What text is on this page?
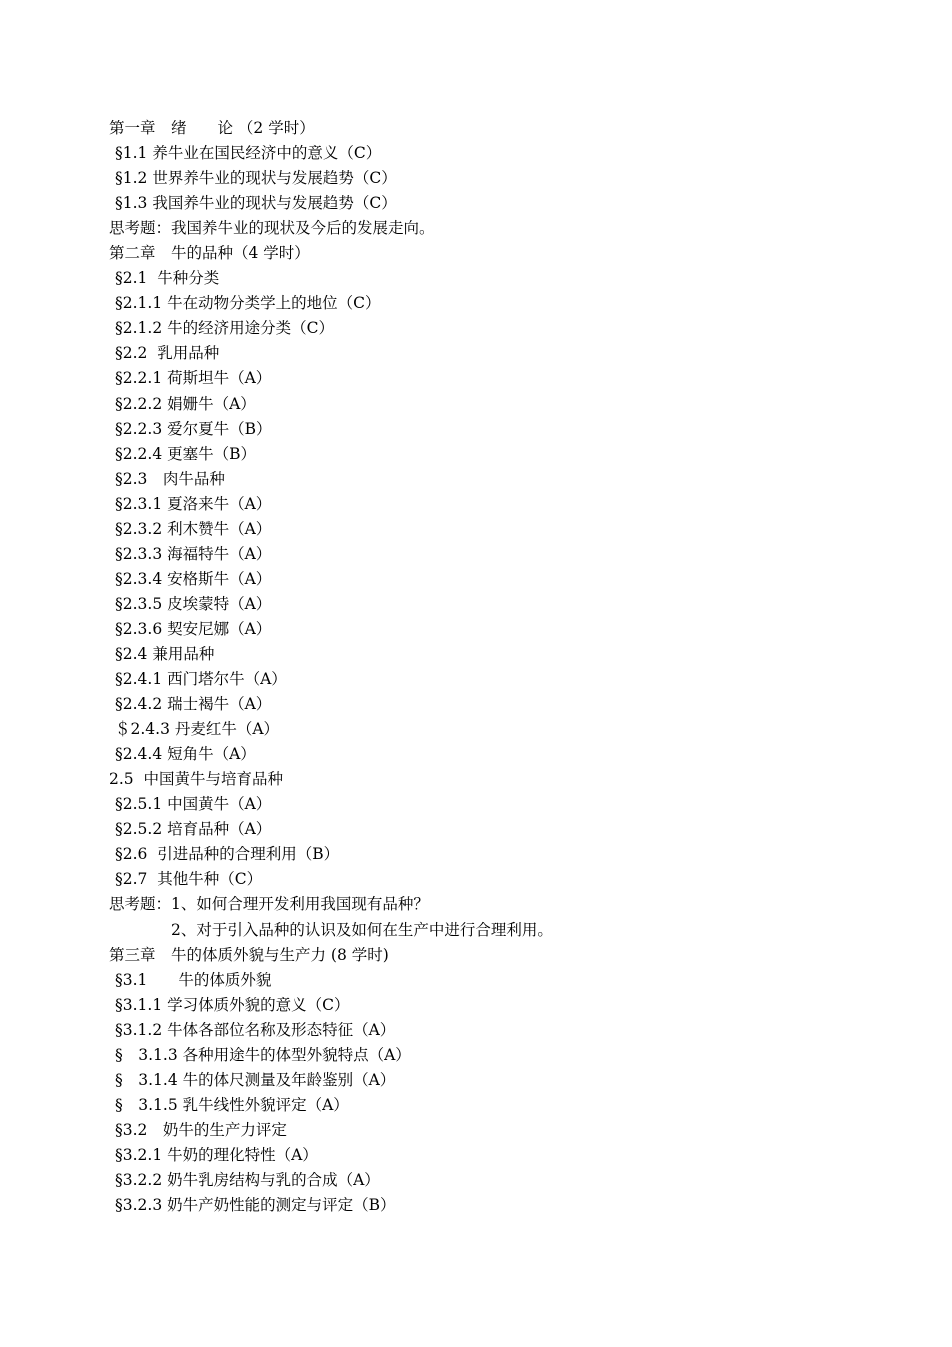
第一章　绪　　论 （2 学时）

§1.1 养牛业在国民经济中的意义（C）

§1.2 世界养牛业的现状与发展趋势（C）

§1.3 我国养牛业的现状与发展趋势（C）

思考题：我国养牛业的现状及今后的发展走向。

第二章　牛的品种（4 学时）

§2.1  牛种分类

§2.1.1 牛在动物分类学上的地位（C）

§2.1.2 牛的经济用途分类（C）

§2.2  乳用品种

§2.2.1 荷斯坦牛（A）

§2.2.2 娟姗牛（A）

§2.2.3 爱尔夏牛（B）

§2.2.4 更塞牛（B）

§2.3　肉牛品种

§2.3.1 夏洛来牛（A）

§2.3.2 利木赞牛（A）

§2.3.3 海福特牛（A）

§2.3.4 安格斯牛（A）

§2.3.5 皮埃蒙特（A）

§2.3.6 契安尼娜（A）

§2.4 兼用品种

§2.4.1 西门塔尔牛（A）

§2.4.2 瑞士褐牛（A）

＄2.4.3 丹麦红牛（A）

§2.4.4 短角牛（A）

2.5  中国黄牛与培育品种

§2.5.1 中国黄牛（A）

§2.5.2 培育品种（A）

§2.6  引进品种的合理利用（B）

§2.7  其他牛种（C）

思考题：1、如何合理开发利用我国现有品种？

　　　　2、对于引入品种的认识及如何在生产中进行合理利用。

第三章　牛的体质外貌与生产力 (8 学时)

§3.1　　牛的体质外貌

§3.1.1 学习体质外貌的意义（C）

§3.1.2 牛体各部位名称及形态特征（A）

§　3.1.3 各种用途牛的体型外貌特点（A）

§　3.1.4 牛的体尺测量及年龄鉴别（A）

§　3.1.5 乳牛线性外貌评定（A）

§3.2　奶牛的生产力评定

§3.2.1 牛奶的理化特性（A）

§3.2.2 奶牛乳房结构与乳的合成（A）

§3.2.3 奶牛产奶性能的测定与评定（B）
